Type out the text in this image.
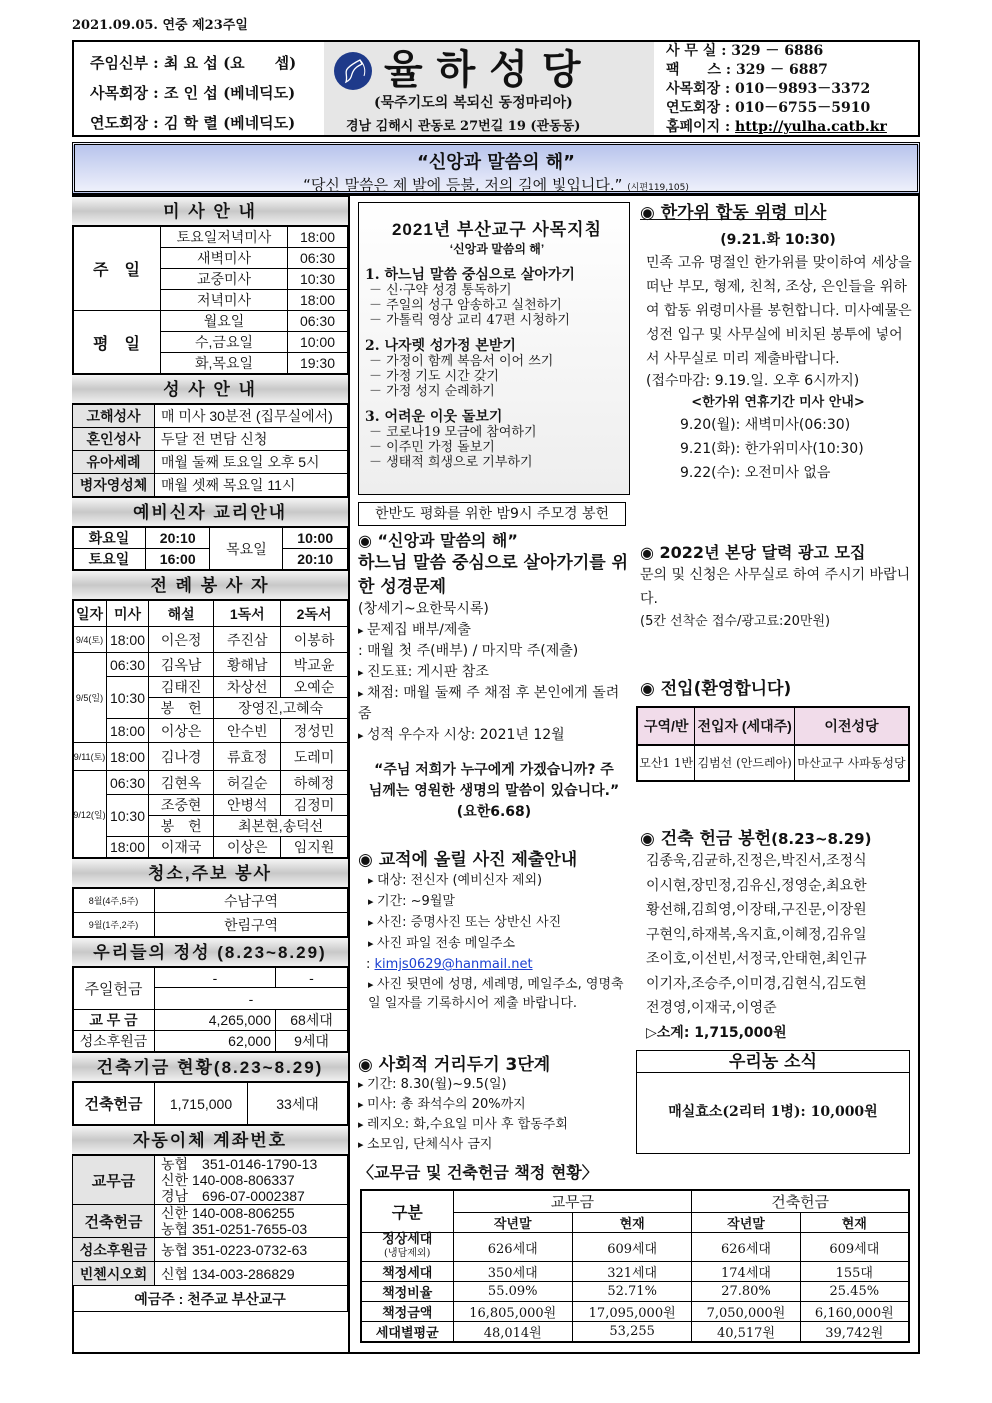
2021.09.05. 연중 제23주일
주임신부 : 최 요 섭 (요　　셉)
사목회장 : 조 인 섭 (베네딕도)
연도회장 : 김 학 렬 (베네딕도)
율하성당
(묵주기도의 복되신 동정마리아)
경남 김해시 관동로 27번길 19 (관동동)
사 무 실 : 329 － 6886
팩　　스 : 329 － 6887
사목회장 : 010－9893－3372
연도회장 : 010－6755－5910
홈페이지 : http://yulha.catb.kr
“신앙과 말씀의 해”
“당신 말씀은 제 발에 등불, 저의 길에 빛입니다.” (시편119,105)
미 사 안 내
주　일	토요일저녁미사	18:00
	새벽미사	06:30
	교중미사	10:30
	저녁미사	18:00
평　일	월요일	06:30
	수,금요일	10:00
	화,목요일	19:30
성 사 안 내
고해성사	매 미사 30분전 (집무실에서)
혼인성사	두달 전 면담 신청
유아세례	매월 둘째 토요일 오후 5시
병자영성체	매월 셋째 목요일 11시
예비신자 교리안내
화요일	20:10	목요일	10:00
토요일	16:00		20:10
전 례 봉 사 자
일자	미사	해설	1독서	2독서
9/4(토)	18:00	이은정	주진삼	이봉하
9/5(일)	06:30	김옥남	황해남	박교윤
	10:30	김태진	차상선	오예순
		봉　헌	장영진,고혜숙	
	18:00	이상은	안수빈	정성민
9/11(토)	18:00	김나경	류효정	도레미
9/12(일)	06:30	김현옥	허길순	하혜정
	10:30	조중현	안병석	김정미
		봉　헌	최본현,송덕선	
	18:00	이재국	이상은	임지원
청소,주보 봉사
8월(4주,5주)	수남구역
9월(1주,2주)	한림구역
우리들의 정성 (8.23~8.29)
주일헌금	-	-
	-	
교 무 금	4,265,000	68세대
성소후원금	62,000	9세대
건축기금 현황(8.23~8.29)
건축헌금	1,715,000	33세대
자동이체 계좌번호
교무금	농협　351-0146-1790-13
신한 140-008-806337
경남　696-07-0002387

건축헌금	신한 140-008-806255
농협 351-0251-7655-03

성소후원금	농협 351-0223-0732-63
빈첸시오회	신협 134-003-286829
예금주 : 천주교 부산교구	
2021년 부산교구 사목지침
‘신앙과 말씀의 해’
1. 하느님 말씀 중심으로 살아가기
－ 신·구약 성경 통독하기
－ 주일의 성구 암송하고 실천하기
－ 가톨릭 영상 교리 47편 시청하기
2. 나자렛 성가정 본받기
－ 가정이 함께 복음서 이어 쓰기
－ 가정 기도 시간 갖기
－ 가정 성지 순례하기
3. 어려운 이웃 돌보기
－ 코로나19 모금에 참여하기
－ 이주민 가정 돌보기
－ 생태적 희생으로 기부하기
한반도 평화를 위한 밤9시 주모경 봉헌
◉ “신앙과 말씀의 해”
하느님 말씀 중심으로 살아가기를 위한 성경문제
(창세기~요한묵시록)
▸ 문제집 배부/제출
: 매월 첫 주(배부) / 마지막 주(제출)
▸ 진도표: 게시판 참조
▸ 채점: 매월 둘째 주 채점 후 본인에게 돌려줌
▸ 성적 우수자 시상: 2021년 12월
“주님 저희가 누구에게 가겠습니까? 주님께는 영원한 생명의 말씀이 있습니다.” (요한6.68)
◉ 교적에 올릴 사진 제출안내
▸ 대상: 전신자 (예비신자 제외)
▸ 기간: ~9월말
▸ 사진: 증명사진 또는 상반신 사진
▸ 사진 파일 전송 메일주소
: kimjs0629@hanmail.net
▸ 사진 뒷면에 성명, 세례명, 메일주소, 영명축일 일자를 기록하시어 제출 바랍니다.
◉ 사회적 거리두기 3단계
▸ 기간: 8.30(월)~9.5(일)
▸ 미사: 총 좌석수의 20%까지
▸ 레지오: 화,수요일 미사 후 합동주회
▸ 소모임, 단체식사 금지
◉ 한가위 합동 위령 미사
(9.21.화 10:30)
민족 고유 명절인 한가위를 맞이하여 세상을 떠난 부모, 형제, 친척, 조상, 은인들을 위하여 합동 위령미사를 봉헌합니다. 미사예물은 성전 입구 및 사무실에 비치된 봉투에 넣어서 사무실로 미리 제출바랍니다.
(접수마감: 9.19.일. 오후 6시까지)
<한가위 연휴기간 미사 안내>
9.20(월): 새벽미사(06:30)
9.21(화): 한가위미사(10:30)
9.22(수): 오전미사 없음
◉ 2022년 본당 달력 광고 모집
문의 및 신청은 사무실로 하여 주시기 바랍니다.
(5칸 선착순 접수/광고료:20만원)
◉ 전입(환영합니다)
구역/반	전입자 (세대주)	이전성당
모산1 1반	김범선 (안드레아)	마산교구 사파동성당
◉ 건축 헌금 봉헌(8.23~8.29)
김종욱,김균하,진정은,박진서,조정식
이시현,장민정,김유신,정영순,최요한
황선해,김희영,이장태,구진문,이장원
구현익,하재복,옥지효,이혜정,김유일
조이호,이선빈,서정국,안태현,최인규
이기자,조승주,이미경,김현식,김도현
전경영,이재국,이영준
▷소계: 1,715,000원
우리농 소식
매실효소(2리터 1병): 10,000원
〈교무금 및 건축헌금 책정 현황〉
구분	교무금		건축헌금	
	작년말	현재	작년말	현재

정상세대
(냉담제외)	626세대	609세대	626세대	609세대
책정세대	350세대	321세대	174세대	155대
책정비율	55.09%	52.71%	27.80%	25.45%
책정금액	16,805,000원	17,095,000원	7,050,000원	6,160,000원
세대별평균	48,014원	53,255	40,517원	39,742원
